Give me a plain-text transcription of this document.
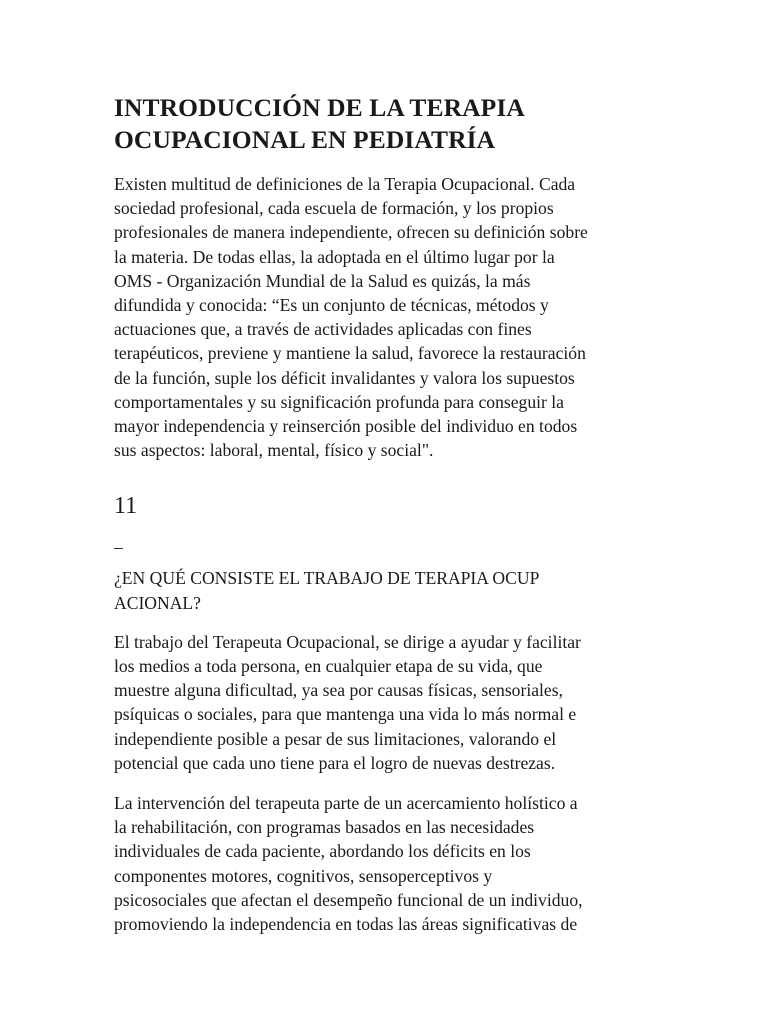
INTRODUCCIÓN DE LA TERAPIA
OCUPACIONAL EN PEDIATRÍA

Existen multitud de definiciones de la Terapia Ocupacional. Cada
sociedad profesional, cada escuela de formación, y los propios
profesionales de manera independiente, ofrecen su definición sobre
la materia. De todas ellas, la adoptada en el último lugar por la
OMS - Organización Mundial de la Salud es quizás, la más
difundida y conocida: “Es un conjunto de técnicas, métodos y
actuaciones que, a través de actividades aplicadas con fines
terapéuticos, previene y mantiene la salud, favorece la restauración
de la función, suple los déficit invalidantes y valora los supuestos
comportamentales y su significación profunda para conseguir la
mayor independencia y reinserción posible del individuo en todos
sus aspectos: laboral, mental, físico y social".

11
–
¿EN QUÉ CONSISTE EL TRABAJO DE TERAPIA OCUP
ACIONAL?

El trabajo del Terapeuta Ocupacional, se dirige a ayudar y facilitar
los medios a toda persona, en cualquier etapa de su vida, que
muestre alguna dificultad, ya sea por causas físicas, sensoriales,
psíquicas o sociales, para que mantenga una vida lo más normal e
independiente posible a pesar de sus limitaciones, valorando el
potencial que cada uno tiene para el logro de nuevas destrezas.

La intervención del terapeuta parte de un acercamiento holístico a
la rehabilitación, con programas basados en las necesidades
individuales de cada paciente, abordando los déficits en los
componentes motores, cognitivos, sensoperceptivos y
psicosociales que afectan el desempeño funcional de un individuo,
promoviendo la independencia en todas las áreas significativas de
